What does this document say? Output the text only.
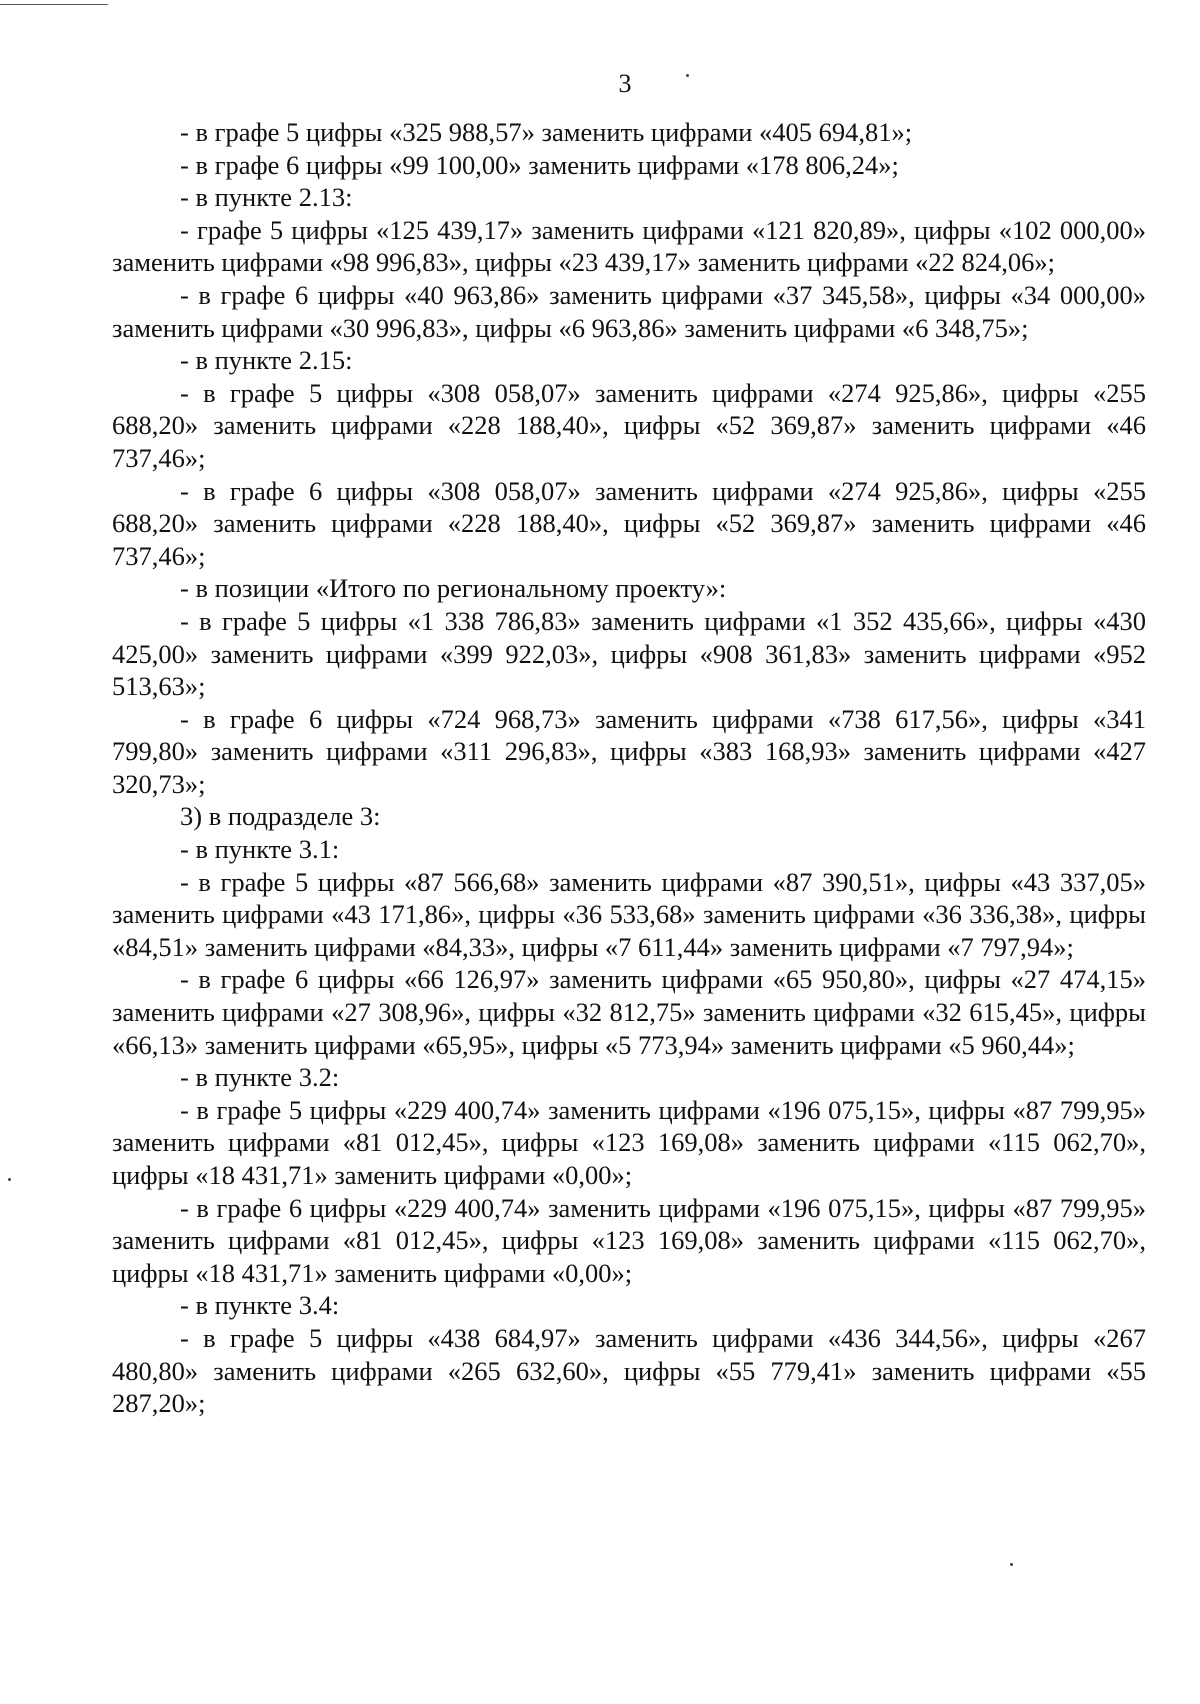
3

- в графе 5 цифры «325 988,57» заменить цифрами «405 694,81»;

- в графе 6 цифры «99 100,00» заменить цифрами «178 806,24»;

- в пункте 2.13:

- графе 5 цифры «125 439,17» заменить цифрами «121 820,89», цифры «102 000,00» заменить цифрами «98 996,83», цифры «23 439,17» заменить цифрами «22 824,06»;

- в графе 6 цифры «40 963,86» заменить цифрами «37 345,58», цифры «34 000,00» заменить цифрами «30 996,83», цифры «6 963,86» заменить цифрами «6 348,75»;

- в пункте 2.15:

- в графе 5 цифры «308 058,07» заменить цифрами «274 925,86», цифры «255 688,20» заменить цифрами «228 188,40», цифры «52 369,87» заменить цифрами «46 737,46»;

- в графе 6 цифры «308 058,07» заменить цифрами «274 925,86», цифры «255 688,20» заменить цифрами «228 188,40», цифры «52 369,87» заменить цифрами «46 737,46»;

- в позиции «Итого по региональному проекту»:

- в графе 5 цифры «1 338 786,83» заменить цифрами «1 352 435,66», цифры «430 425,00» заменить цифрами «399 922,03», цифры «908 361,83» заменить цифрами «952 513,63»;

- в графе 6 цифры «724 968,73» заменить цифрами «738 617,56», цифры «341 799,80» заменить цифрами «311 296,83», цифры «383 168,93» заменить цифрами «427 320,73»;

3) в подразделе 3:

- в пункте 3.1:

- в графе 5 цифры «87 566,68» заменить цифрами «87 390,51», цифры «43 337,05» заменить цифрами «43 171,86», цифры «36 533,68» заменить цифрами «36 336,38», цифры «84,51» заменить цифрами «84,33», цифры «7 611,44» заменить цифрами «7 797,94»;

- в графе 6 цифры «66 126,97» заменить цифрами «65 950,80», цифры «27 474,15» заменить цифрами «27 308,96», цифры «32 812,75» заменить цифрами «32 615,45», цифры «66,13» заменить цифрами «65,95», цифры «5 773,94» заменить цифрами «5 960,44»;

- в пункте 3.2:

- в графе 5 цифры «229 400,74» заменить цифрами «196 075,15», цифры «87 799,95» заменить цифрами «81 012,45», цифры «123 169,08» заменить цифрами «115 062,70», цифры «18 431,71» заменить цифрами «0,00»;

- в графе 6 цифры «229 400,74» заменить цифрами «196 075,15», цифры «87 799,95» заменить цифрами «81 012,45», цифры «123 169,08» заменить цифрами «115 062,70», цифры «18 431,71» заменить цифрами «0,00»;

- в пункте 3.4:

- в графе 5 цифры «438 684,97» заменить цифрами «436 344,56», цифры «267 480,80» заменить цифрами «265 632,60», цифры «55 779,41» заменить цифрами «55 287,20»;
